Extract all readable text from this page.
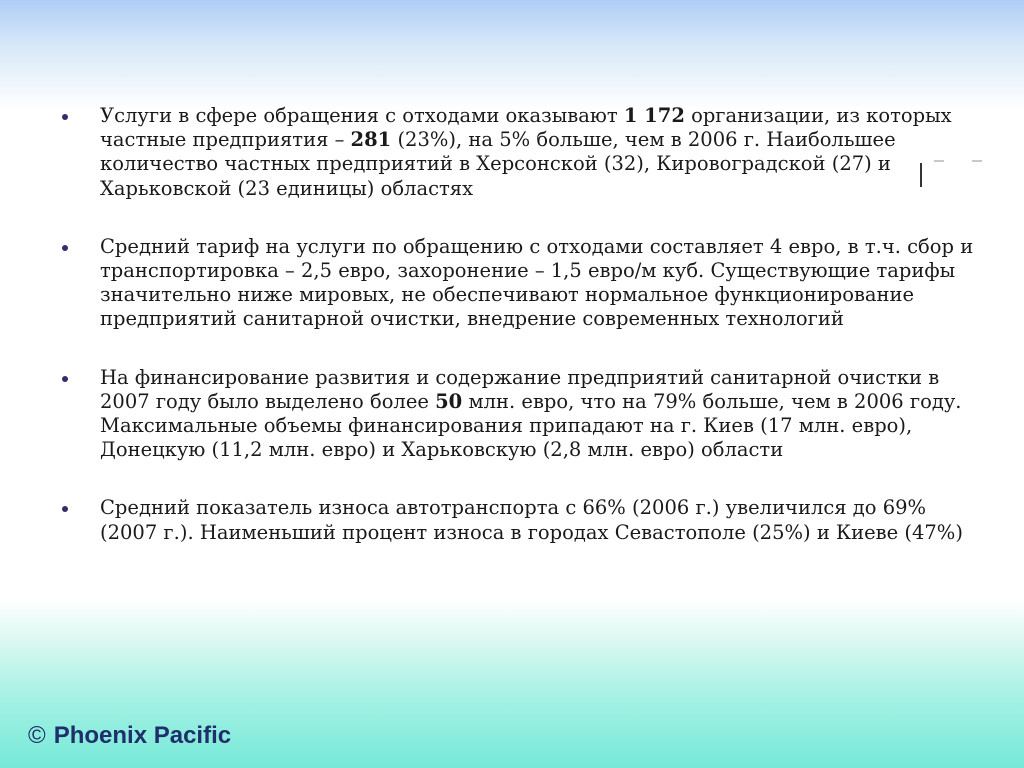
Услуги в сфере обращения с отходами оказывают 1 172 организации, из которых частные предприятия – 281 (23%), на 5% больше, чем в 2006 г. Наибольшее количество частных предприятий в Херсонской (32), Кировоградской (27) и Харьковской (23 единицы) областях
Средний тариф на услуги по обращению с отходами составляет 4 евро, в т.ч. сбор и транспортировка – 2,5 евро, захоронение – 1,5 евро/м куб. Существующие тарифы значительно ниже мировых, не обеспечивают нормальное функционирование предприятий санитарной очистки, внедрение современных технологий
На финансирование развития и содержание предприятий санитарной очистки в 2007 году было выделено более 50 млн. евро, что на 79% больше, чем в 2006 году. Максимальные объемы финансирования припадают на г. Киев (17 млн. евро), Донецкую (11,2 млн. евро) и Харьковскую (2,8 млн. евро) области
Средний показатель износа автотранспорта с 66% (2006 г.) увеличился до 69% (2007 г.). Наименьший процент износа в городах Севастополе (25%) и Киеве (47%)
© Phoenix Pacific
